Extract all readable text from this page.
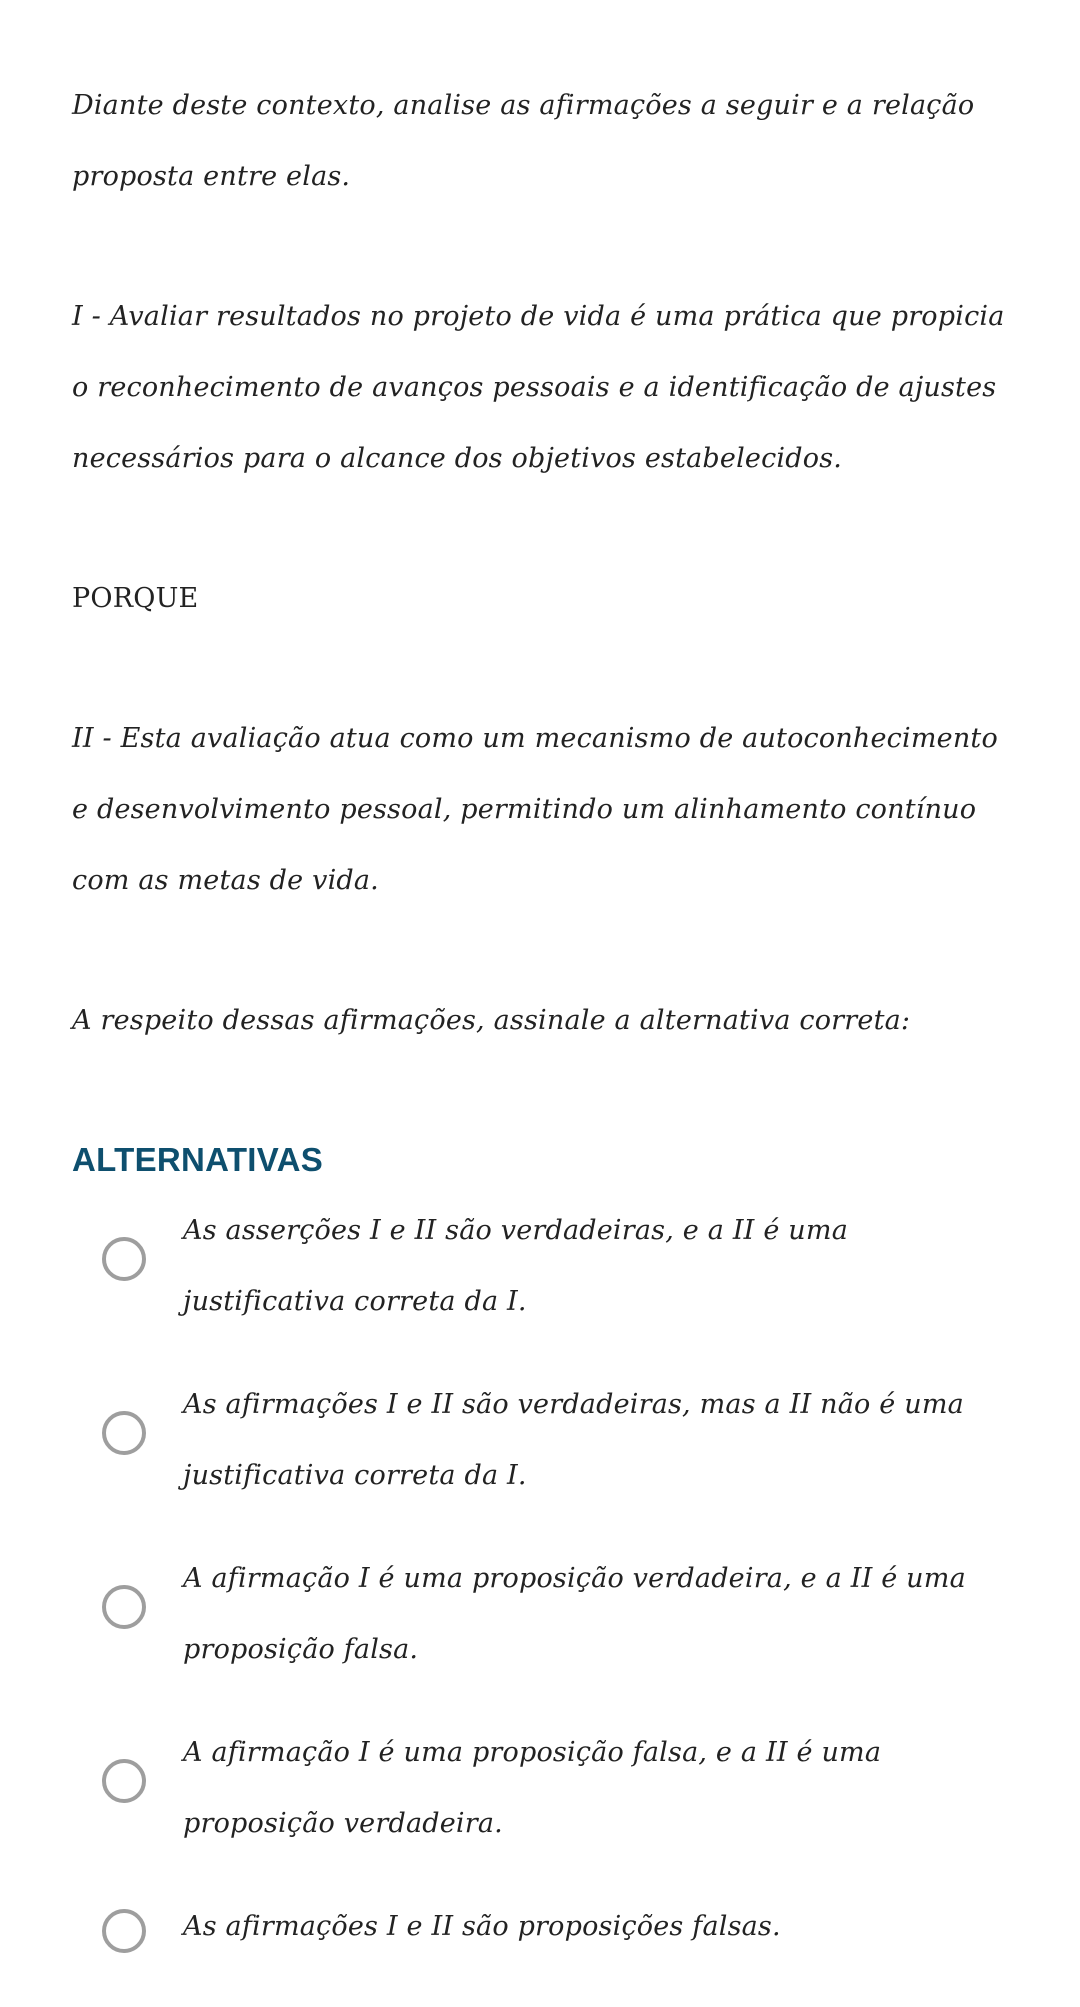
Diante deste contexto, analise as afirmações a seguir e a relação proposta entre elas.

I - Avaliar resultados no projeto de vida é uma prática que propicia o reconhecimento de avanços pessoais e a identificação de ajustes necessários para o alcance dos objetivos estabelecidos.

PORQUE

II - Esta avaliação atua como um mecanismo de autoconhecimento e desenvolvimento pessoal, permitindo um alinhamento contínuo com as metas de vida.

A respeito dessas afirmações, assinale a alternativa correta:

ALTERNATIVAS

As asserções I e II são verdadeiras, e a II é uma justificativa correta da I.

As afirmações I e II são verdadeiras, mas a II não é uma justificativa correta da I.

A afirmação I é uma proposição verdadeira, e a II é uma proposição falsa.

A afirmação I é uma proposição falsa, e a II é uma proposição verdadeira.

As afirmações I e II são proposições falsas.
